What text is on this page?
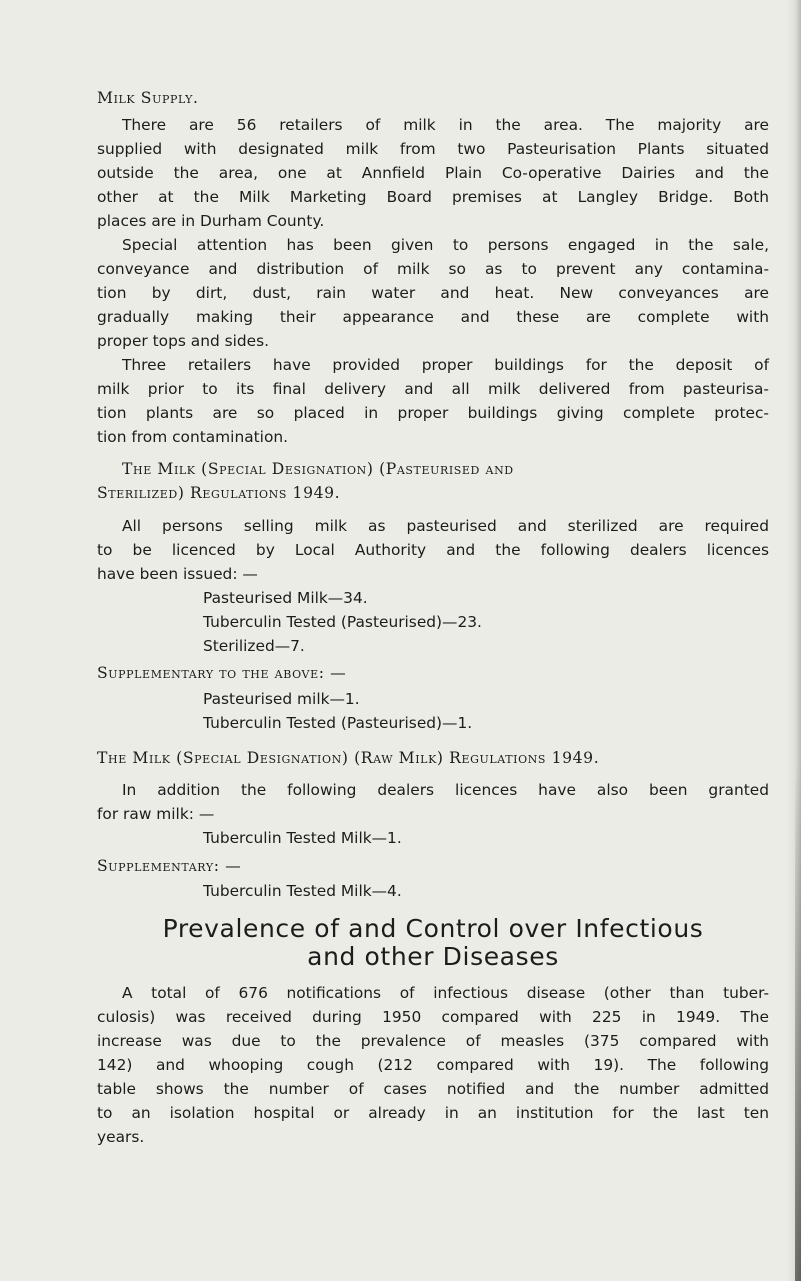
Milk Supply.
There are 56 retailers of milk in the area. The majority are
supplied with designated milk from two Pasteurisation Plants situated
outside the area, one at Annfield Plain Co-operative Dairies and the
other at the Milk Marketing Board premises at Langley Bridge. Both
places are in Durham County.
Special attention has been given to persons engaged in the sale,
conveyance and distribution of milk so as to prevent any contamina-
tion by dirt, dust, rain water and heat. New conveyances are
gradually making their appearance and these are complete with
proper tops and sides.
Three retailers have provided proper buildings for the deposit of
milk prior to its final delivery and all milk delivered from pasteurisa-
tion plants are so placed in proper buildings giving complete protec-
tion from contamination.
The Milk (Special Designation) (Pasteurised and
Sterilized) Regulations 1949.
All persons selling milk as pasteurised and sterilized are required
to be licenced by Local Authority and the following dealers licences
have been issued: —
Pasteurised Milk—34.
Tuberculin Tested (Pasteurised)—23.
Sterilized—7.
Supplementary to the above: —
Pasteurised milk—1.
Tuberculin Tested (Pasteurised)—1.
The Milk (Special Designation) (Raw Milk) Regulations 1949.
In addition the following dealers licences have also been granted
for raw milk: —
Tuberculin Tested Milk—1.
Supplementary: —
Tuberculin Tested Milk—4.
Prevalence of and Control over Infectious
and other Diseases
A total of 676 notifications of infectious disease (other than tuber-
culosis) was received during 1950 compared with 225 in 1949. The
increase was due to the prevalence of measles (375 compared with
142) and whooping cough (212 compared with 19). The following
table shows the number of cases notified and the number admitted
to an isolation hospital or already in an institution for the last ten
years.
